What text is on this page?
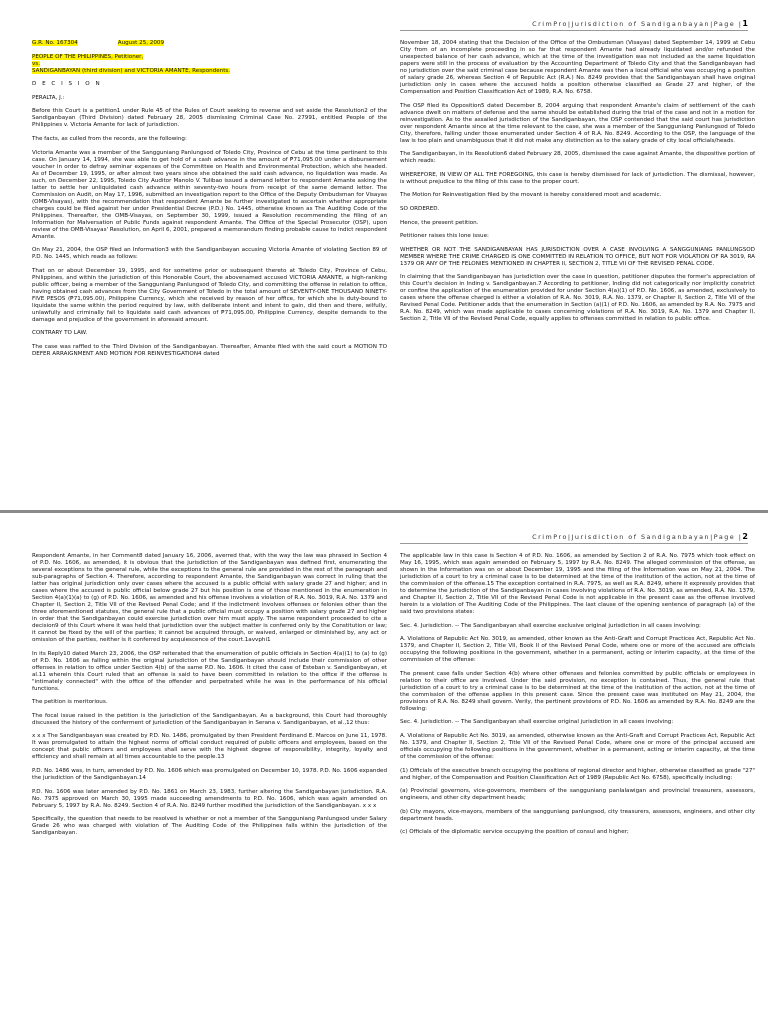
CrimPro|Jurisdiction of Sandiganbayan|Page |1

G.R. No. 167304	August 25, 2009

PEOPLE OF THE PHILIPPINES, Petitioner,
vs.
SANDIGANBAYAN (third division) and VICTORIA AMANTE, Respondents.

D E C I S I O N

PERALTA, J.:

Before this Court is a petition1 under Rule 45 of the Rules of Court seeking to reverse and set aside the Resolution2 of the Sandiganbayan (Third Division) dated February 28, 2005 dismissing Criminal Case No. 27991, entitled People of the Philippines v. Victoria Amante for lack of jurisdiction.

The facts, as culled from the records, are the following:

Victoria Amante was a member of the Sangguniang Panlungsod of Toledo City, Province of Cebu at the time pertinent to this case. On January 14, 1994, she was able to get hold of a cash advance in the amount of ₱71,095.00 under a disbursement voucher in order to defray seminar expenses of the Committee on Health and Environmental Protection, which she headed. As of December 19, 1995, or after almost two years since she obtained the said cash advance, no liquidation was made. As such, on December 22, 1995, Toledo City Auditor Manolo V. Tulibao issued a demand letter to respondent Amante asking the latter to settle her unliquidated cash advance within seventy-two hours from receipt of the same demand letter. The Commission on Audit, on May 17, 1996, submitted an investigation report to the Office of the Deputy Ombudsman for Visayas (OMB-Visayas), with the recommendation that respondent Amante be further investigated to ascertain whether appropriate charges could be filed against her under Presidential Decree (P.D.) No. 1445, otherwise known as The Auditing Code of the Philippines. Thereafter, the OMB-Visayas, on September 30, 1999, issued a Resolution recommending the filing of an Information for Malversation of Public Funds against respondent Amante. The Office of the Special Prosecutor (OSP), upon review of the OMB-Visayas' Resolution, on April 6, 2001, prepared a memorandum finding probable cause to indict respondent Amante.

On May 21, 2004, the OSP filed an Information3 with the Sandiganbayan accusing Victoria Amante of violating Section 89 of P.D. No. 1445, which reads as follows:

That on or about December 19, 1995, and for sometime prior or subsequent thereto at Toledo City, Province of Cebu, Philippines, and within the jurisdiction of this Honorable Court, the abovenamed accused VICTORIA AMANTE, a high-ranking public officer, being a member of the Sangguniang Panlungsod of Toledo City, and committing the offense in relation to office, having obtained cash advances from the City Government of Toledo in the total amount of SEVENTY-ONE THOUSAND NINETY-FIVE PESOS (₱71,095.00), Philippine Currency, which she received by reason of her office, for which she is duty-bound to liquidate the same within the period required by law, with deliberate intent and intent to gain, did then and there, wilfully, unlawfully and criminally fail to liquidate said cash advances of ₱71,095.00, Philippine Currency, despite demands to the damage and prejudice of the government in aforesaid amount.

CONTRARY TO LAW.

The case was raffled to the Third Division of the Sandiganbayan. Thereafter, Amante filed with the said court a MOTION TO DEFER ARRAIGNMENT AND MOTION FOR REINVESTIGATION4 dated

November 18, 2004 stating that the Decision of the Office of the Ombudsman (Visayas) dated September 14, 1999 at Cebu City from of an incomplete proceeding in so far that respondent Amante had already liquidated and/or refunded the unexpected balance of her cash advance, which at the time of the investigation was not included as the same liquidation papers were still in the process of evaluation by the Accounting Department of Toledo City and that the Sandiganbayan had no jurisdiction over the said criminal case because respondent Amante was then a local official who was occupying a position of salary grade 26, whereas Section 4 of Republic Act (R.A.) No. 8249 provides that the Sandiganbayan shall have original jurisdiction only in cases where the accused holds a position otherwise classified as Grade 27 and higher, of the Compensation and Position Classification Act of 1989, R.A. No. 6758.

The OSP filed its Opposition5 dated December 8, 2004 arguing that respondent Amante's claim of settlement of the cash advance dwelt on matters of defense and the same should be established during the trial of the case and not in a motion for reinvestigation. As to the assailed jurisdiction of the Sandiganbayan, the OSP contended that the said court has jurisdiction over respondent Amante since at the time relevant to the case, she was a member of the Sangguniang Panlungsod of Toledo City, therefore, falling under those enumerated under Section 4 of R.A. No. 8249. According to the OSP, the language of the law is too plain and unambiguous that it did not make any distinction as to the salary grade of city local officials/heads.

The Sandiganbayan, in its Resolution6 dated February 28, 2005, dismissed the case against Amante, the dispositive portion of which reads:

WHEREFORE, IN VIEW OF ALL THE FOREGOING, this case is hereby dismissed for lack of jurisdiction. The dismissal, however, is without prejudice to the filing of this case to the proper court.

The Motion for Reinvestigation filed by the movant is hereby considered moot and academic.

SO ORDERED.

Hence, the present petition.

Petitioner raises this lone issue:

WHETHER OR NOT THE SANDIGANBAYAN HAS JURISDICTION OVER A CASE INVOLVING A SANGGUNIANG PANLUNGSOD MEMBER WHERE THE CRIME CHARGED IS ONE COMMITTED IN RELATION TO OFFICE, BUT NOT FOR VIOLATION OF RA 3019, RA 1379 OR ANY OF THE FELONIES MENTIONED IN CHAPTER II, SECTION 2, TITLE VII OF THE REVISED PENAL CODE.

In claiming that the Sandiganbayan has jurisdiction over the case in question, petitioner disputes the former's appreciation of this Court's decision in Inding v. Sandiganbayan.7 According to petitioner, Inding did not categorically nor implicitly constrict or confine the application of the enumeration provided for under Section 4(a)(1) of P.D. No. 1606, as amended, exclusively to cases where the offense charged is either a violation of R.A. No. 3019, R.A. No. 1379, or Chapter II, Section 2, Title VII of the Revised Penal Code. Petitioner adds that the enumeration in Section (a)(1) of P.D. No. 1606, as amended by R.A. No. 7975 and R.A. No. 8249, which was made applicable to cases concerning violations of R.A. No. 3019, R.A. No. 1379 and Chapter II, Section 2, Title VII of the Revised Penal Code, equally applies to offenses committed in relation to public office.

CrimPro|Jurisdiction of Sandiganbayan|Page |2

Respondent Amante, in her Comment8 dated January 16, 2006, averred that, with the way the law was phrased in Section 4 of P.D. No. 1606, as amended, it is obvious that the jurisdiction of the Sandiganbayan was defined first, enumerating the several exceptions to the general rule, while the exceptions to the general rule are provided in the rest of the paragraph and sub-paragraphs of Section 4. Therefore, according to respondent Amante, the Sandiganbayan was correct in ruling that the latter has original jurisdiction only over cases where the accused is a public official with salary grade 27 and higher; and in cases where the accused is public official below grade 27 but his position is one of those mentioned in the enumeration in Section 4(a)(1)(a) to (g) of P.D. No. 1606, as amended and his offense involves a violation of R.A. No. 3019, R.A. No. 1379 and Chapter II, Section 2, Title VII of the Revised Penal Code; and if the indictment involves offenses or felonies other than the three aforementioned statutes, the general rule that a public official must occupy a position with salary grade 27 and higher in order that the Sandiganbayan could exercise jurisdiction over him must apply. The same respondent proceeded to cite a decision9 of this Court where it was held that jurisdiction over the subject matter is conferred only by the Constitution or law; it cannot be fixed by the will of the parties; it cannot be acquired through, or waived, enlarged or diminished by, any act or omission of the parties, neither is it conferred by acquiescence of the court.1avvphi1

In its Reply10 dated March 23, 2006, the OSP reiterated that the enumeration of public officials in Section 4(a)(1) to (a) to (g) of P.D. No. 1606 as falling within the original jurisdiction of the Sandiganbayan should include their commission of other offenses in relation to office under Section 4(b) of the same P.D. No. 1606. It cited the case of Esteban v. Sandiganbayan, et al.11 wherein this Court ruled that an offense is said to have been committed in relation to the office if the offense is "intimately connected" with the office of the offender and perpetrated while he was in the performance of his official functions.

The petition is meritorious.

The focal issue raised in the petition is the jurisdiction of the Sandiganbayan. As a background, this Court had thoroughly discussed the history of the conferment of jurisdiction of the Sandiganbayan in Serana v. Sandiganbayan, et al.,12 thus:

x x x The Sandiganbayan was created by P.D. No. 1486, promulgated by then President Ferdinand E. Marcos on June 11, 1978. It was promulgated to attain the highest norms of official conduct required of public officers and employees, based on the concept that public officers and employees shall serve with the highest degree of responsibility, integrity, loyalty and efficiency and shall remain at all times accountable to the people.13

P.D. No. 1486 was, in turn, amended by P.D. No. 1606 which was promulgated on December 10, 1978. P.D. No. 1606 expanded the jurisdiction of the Sandiganbayan.14

P.D. No. 1606 was later amended by P.D. No. 1861 on March 23, 1983, further altering the Sandiganbayan jurisdiction. R.A. No. 7975 approved on March 30, 1995 made succeeding amendments to P.D. No. 1606, which was again amended on February 5, 1997 by R.A. No. 8249. Section 4 of R.A. No. 8249 further modified the jurisdiction of the Sandiganbayan. x x x

Specifically, the question that needs to be resolved is whether or not a member of the Sangguniang Panlungsod under Salary Grade 26 who was charged with violation of The Auditing Code of the Philippines falls within the jurisdiction of the Sandiganbayan.

The applicable law in this case is Section 4 of P.D. No. 1606, as amended by Section 2 of R.A. No. 7975 which took effect on May 16, 1995, which was again amended on February 5, 1997 by R.A. No. 8249. The alleged commission of the offense, as shown in the Information was on or about December 19, 1995 and the filing of the Information was on May 21, 2004. The jurisdiction of a court to try a criminal case is to be determined at the time of the institution of the action, not at the time of the commission of the offense.15 The exception contained in R.A. 7975, as well as R.A. 8249, where it expressly provides that to determine the jurisdiction of the Sandiganbayan in cases involving violations of R.A. No. 3019, as amended, R.A. No. 1379, and Chapter II, Section 2, Title VII of the Revised Penal Code is not applicable in the present case as the offense involved herein is a violation of The Auditing Code of the Philippines. The last clause of the opening sentence of paragraph (a) of the said two provisions states:

Sec. 4. Jurisdiction. -- The Sandiganbayan shall exercise exclusive original jurisdiction in all cases involving:

A. Violations of Republic Act No. 3019, as amended, other known as the Anti-Graft and Corrupt Practices Act, Republic Act No. 1379, and Chapter II, Section 2, Title VII, Book II of the Revised Penal Code, where one or more of the accused are officials occupying the following positions in the government, whether in a permanent, acting or interim capacity, at the time of the commission of the offense:

The present case falls under Section 4(b) where other offenses and felonies committed by public officials or employees in relation to their office are involved. Under the said provision, no exception is contained. Thus, the general rule that jurisdiction of a court to try a criminal case is to be determined at the time of the institution of the action, not at the time of the commission of the offense applies in this present case. Since the present case was instituted on May 21, 2004, the provisions of R.A. No. 8249 shall govern. Verily, the pertinent provisions of P.D. No. 1606 as amended by R.A. No. 8249 are the following:

Sec. 4. Jurisdiction. -- The Sandiganbayan shall exercise original jurisdiction in all cases involving:

A. Violations of Republic Act No. 3019, as amended, otherwise known as the Anti-Graft and Corrupt Practices Act, Republic Act No. 1379, and Chapter II, Section 2, Title VII of the Revised Penal Code, where one or more of the principal accused are officials occupying the following positions in the government, whether in a permanent, acting or interim capacity, at the time of the commission of the offense:

(1) Officials of the executive branch occupying the positions of regional director and higher, otherwise classified as grade "27" and higher, of the Compensation and Position Classification Act of 1989 (Republic Act No. 6758), specifically including:

(a) Provincial governors, vice-governors, members of the sangguniang panlalawigan and provincial treasurers, assessors, engineers, and other city department heads;

(b) City mayors, vice-mayors, members of the sangguniang panlungsod, city treasurers, assessors, engineers, and other city department heads.

(c) Officials of the diplomatic service occupying the position of consul and higher;
